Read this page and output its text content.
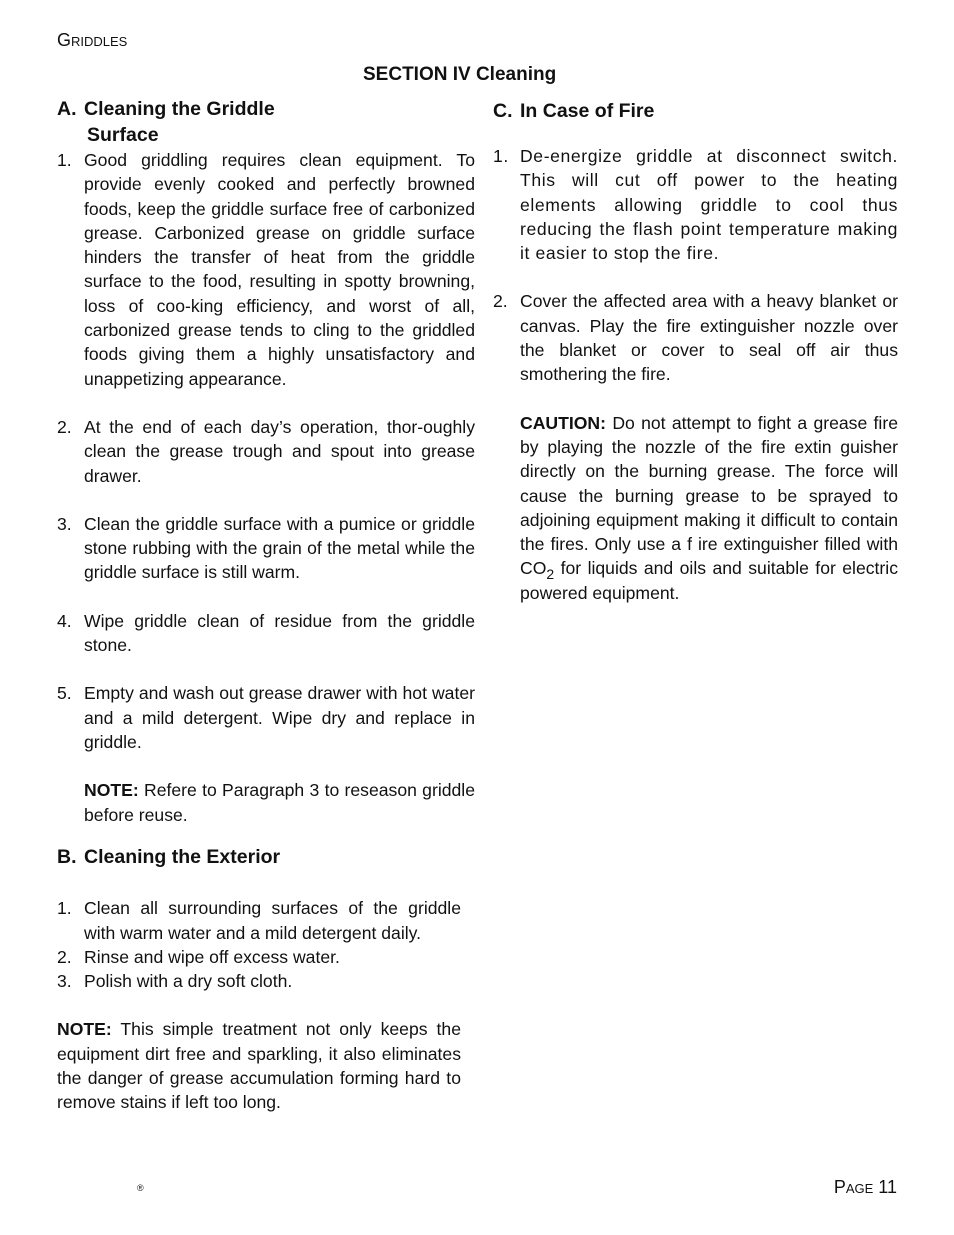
Griddles
SECTION IV Cleaning
A. Cleaning the Griddle
Surface
1. Good griddling requires clean equipment. To provide evenly cooked and perfectly browned foods, keep the griddle surface free of carbonized grease. Carbonized grease on griddle surface hinders the transfer of heat from the griddle surface to the food, resulting in spotty browning, loss of coo-king efficiency, and worst of all, carbonized grease tends to cling to the griddled foods giving them a highly unsatisfactory and unappetizing appearance.
2. At the end of each day’s operation, thor-oughly clean the grease trough and spout into grease drawer.
3. Clean the griddle surface with a pumice or griddle stone rubbing with the grain of the metal while the griddle surface is still warm.
4. Wipe griddle clean of residue from the griddle stone.
5. Empty and wash out grease drawer with hot water and a mild detergent. Wipe dry and replace in griddle.

NOTE: Refere to Paragraph 3 to reseason griddle before reuse.

B. Cleaning the Exterior
1. Clean all surrounding surfaces of the griddle with warm water and a mild detergent daily.
2. Rinse and wipe off excess water.
3. Polish with a dry soft cloth.

NOTE: This simple treatment not only keeps the equipment dirt free and sparkling, it also eliminates the danger of grease accumulation forming hard to remove stains if left too long.

C. In Case of Fire
1. De-energize griddle at disconnect switch. This will cut off power to the heating elements allowing griddle to cool thus reducing the flash point temperature making it easier to stop the fire.
2. Cover the affected area with a heavy blanket or canvas. Play the fire extinguisher nozzle over the blanket or cover to seal off air thus smothering the fire.

CAUTION: Do not attempt to fight a grease fire by playing the nozzle of the fire extin guisher directly on the burning grease. The force will cause the burning grease to be sprayed to adjoining equipment making it difficult to contain the fires. Only use a f ire extinguisher filled with $CO_2$ for liquids and oils and suitable for electric powered equipment.

®	Page 11
